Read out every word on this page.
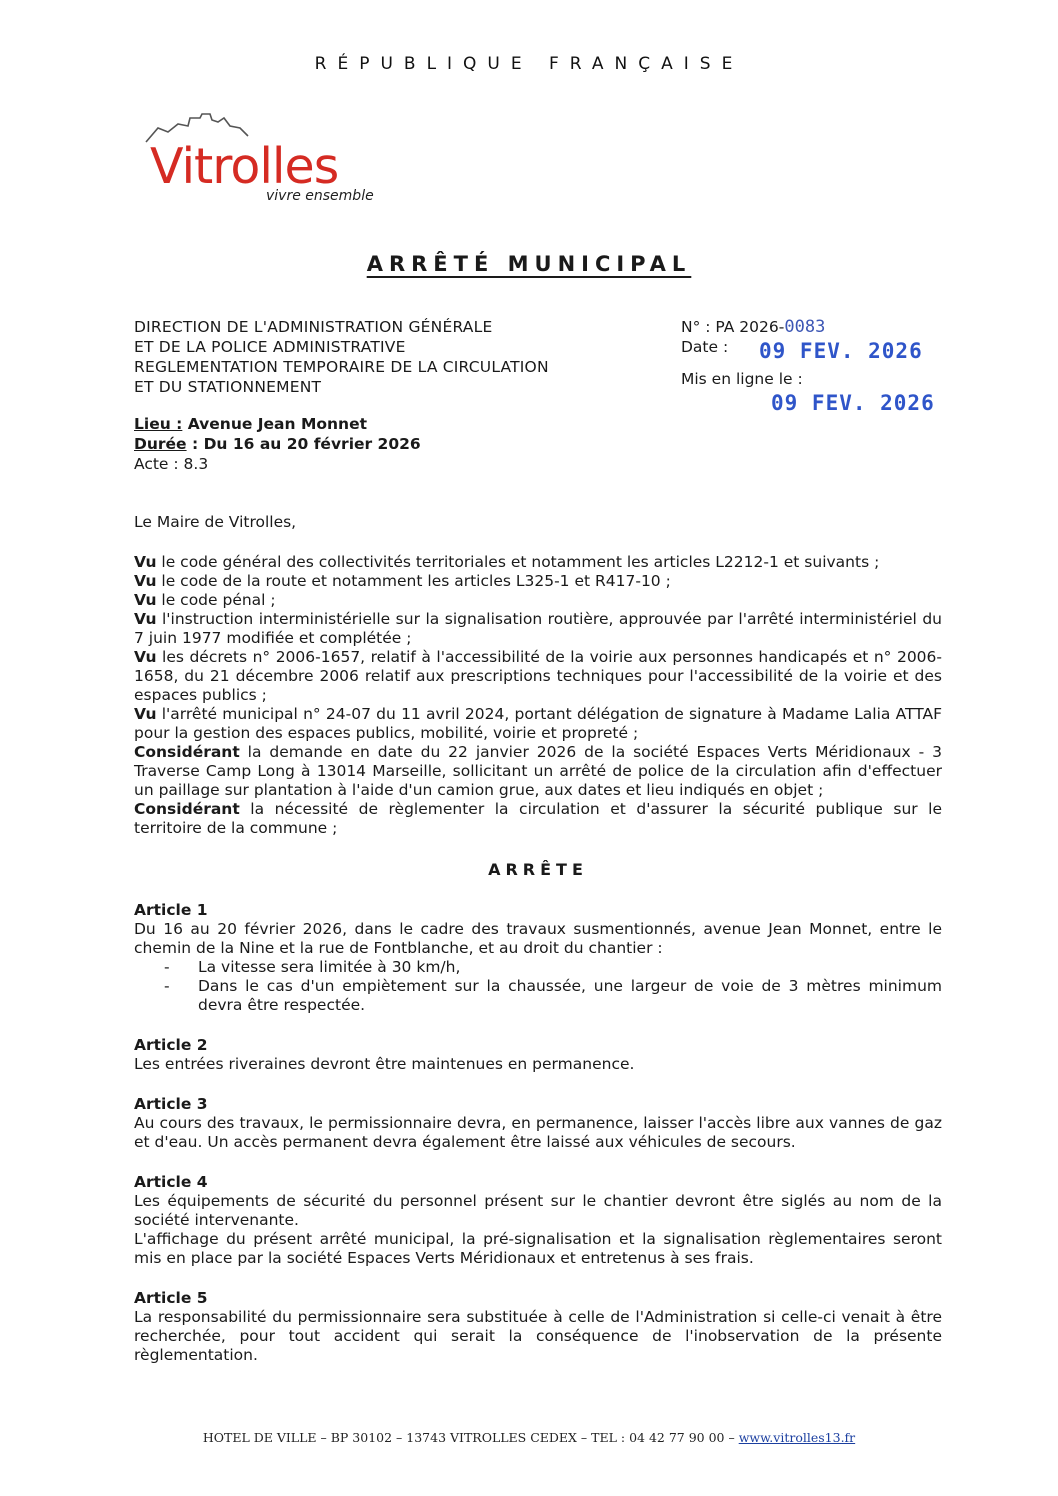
RÉPUBLIQUE FRANÇAISE
Vitrolles
vivre ensemble
ARRÊTÉ MUNICIPAL
DIRECTION DE L'ADMINISTRATION GÉNÉRALE
ET DE LA POLICE ADMINISTRATIVE
REGLEMENTATION TEMPORAIRE DE LA CIRCULATION
ET DU STATIONNEMENT
N° : PA 2026-0083
Date : 09 FEV. 2026
Mis en ligne le :
09 FEV. 2026
Lieu : Avenue Jean Monnet
Durée : Du 16 au 20 février 2026
Acte : 8.3

Le Maire de Vitrolles,

Vu le code général des collectivités territoriales et notamment les articles L2212-1 et suivants ;

Vu le code de la route et notamment les articles L325-1 et R417-10 ;

Vu le code pénal ;

Vu l'instruction interministérielle sur la signalisation routière, approuvée par l'arrêté interministériel du 7 juin 1977 modifiée et complétée ;

Vu les décrets n° 2006-1657, relatif à l'accessibilité de la voirie aux personnes handicapés et n° 2006-1658, du 21 décembre 2006 relatif aux prescriptions techniques pour l'accessibilité de la voirie et des espaces publics ;

Vu l'arrêté municipal n° 24-07 du 11 avril 2024, portant délégation de signature à Madame Lalia ATTAF pour la gestion des espaces publics, mobilité, voirie et propreté ;

Considérant la demande en date du 22 janvier 2026 de la société Espaces Verts Méridionaux - 3 Traverse Camp Long à 13014 Marseille, sollicitant un arrêté de police de la circulation afin d'effectuer un paillage sur plantation à l'aide d'un camion grue, aux dates et lieu indiqués en objet ;

Considérant la nécessité de règlementer la circulation et d'assurer la sécurité publique sur le territoire de la commune ;

ARRÊTE

Article 1

Du 16 au 20 février 2026, dans le cadre des travaux susmentionnés, avenue Jean Monnet, entre le chemin de la Nine et la rue de Fontblanche, et au droit du chantier :

- La vitesse sera limitée à 30 km/h,
- Dans le cas d'un empiètement sur la chaussée, une largeur de voie de 3 mètres minimum devra être respectée.

Article 2

Les entrées riveraines devront être maintenues en permanence.

Article 3

Au cours des travaux, le permissionnaire devra, en permanence, laisser l'accès libre aux vannes de gaz et d'eau. Un accès permanent devra également être laissé aux véhicules de secours.

Article 4

Les équipements de sécurité du personnel présent sur le chantier devront être siglés au nom de la société intervenante.

L'affichage du présent arrêté municipal, la pré-signalisation et la signalisation règlementaires seront mis en place par la société Espaces Verts Méridionaux et entretenus à ses frais.

Article 5

La responsabilité du permissionnaire sera substituée à celle de l'Administration si celle-ci venait à être recherchée, pour tout accident qui serait la conséquence de l'inobservation de la présente règlementation.

HOTEL DE VILLE – BP 30102 – 13743 VITROLLES CEDEX – TEL : 04 42 77 90 00 – www.vitrolles13.fr
